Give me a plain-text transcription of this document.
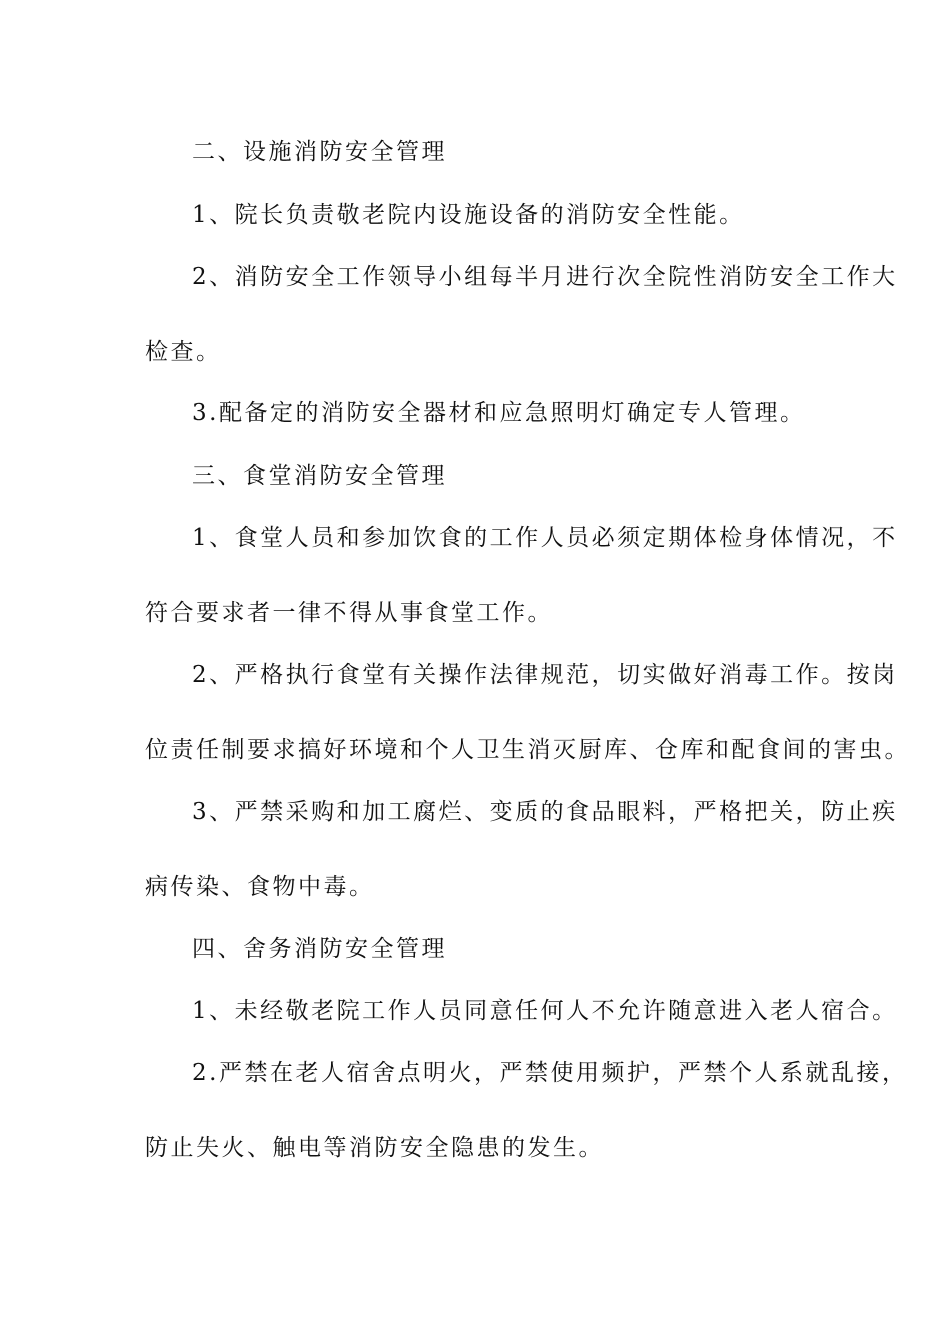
二、设施消防安全管理
1、院长负责敬老院内设施设备的消防安全性能。
2、消防安全工作领导小组每半月进行次全院性消防安全工作大
检查。
3.配备定的消防安全器材和应急照明灯确定专人管理。
三、食堂消防安全管理
1、食堂人员和参加饮食的工作人员必须定期体检身体情况，不
符合要求者一律不得从事食堂工作。
2、严格执行食堂有关操作法律规范，切实做好消毒工作。按岗
位责任制要求搞好环境和个人卫生消灭厨库、仓库和配食间的害虫。
3、严禁采购和加工腐烂、变质的食品眼料，严格把关，防止疾
病传染、食物中毒。
四、舍务消防安全管理
1、未经敬老院工作人员同意任何人不允许随意进入老人宿合。
2.严禁在老人宿舍点明火，严禁使用频护，严禁个人系就乱接，
防止失火、触电等消防安全隐患的发生。
